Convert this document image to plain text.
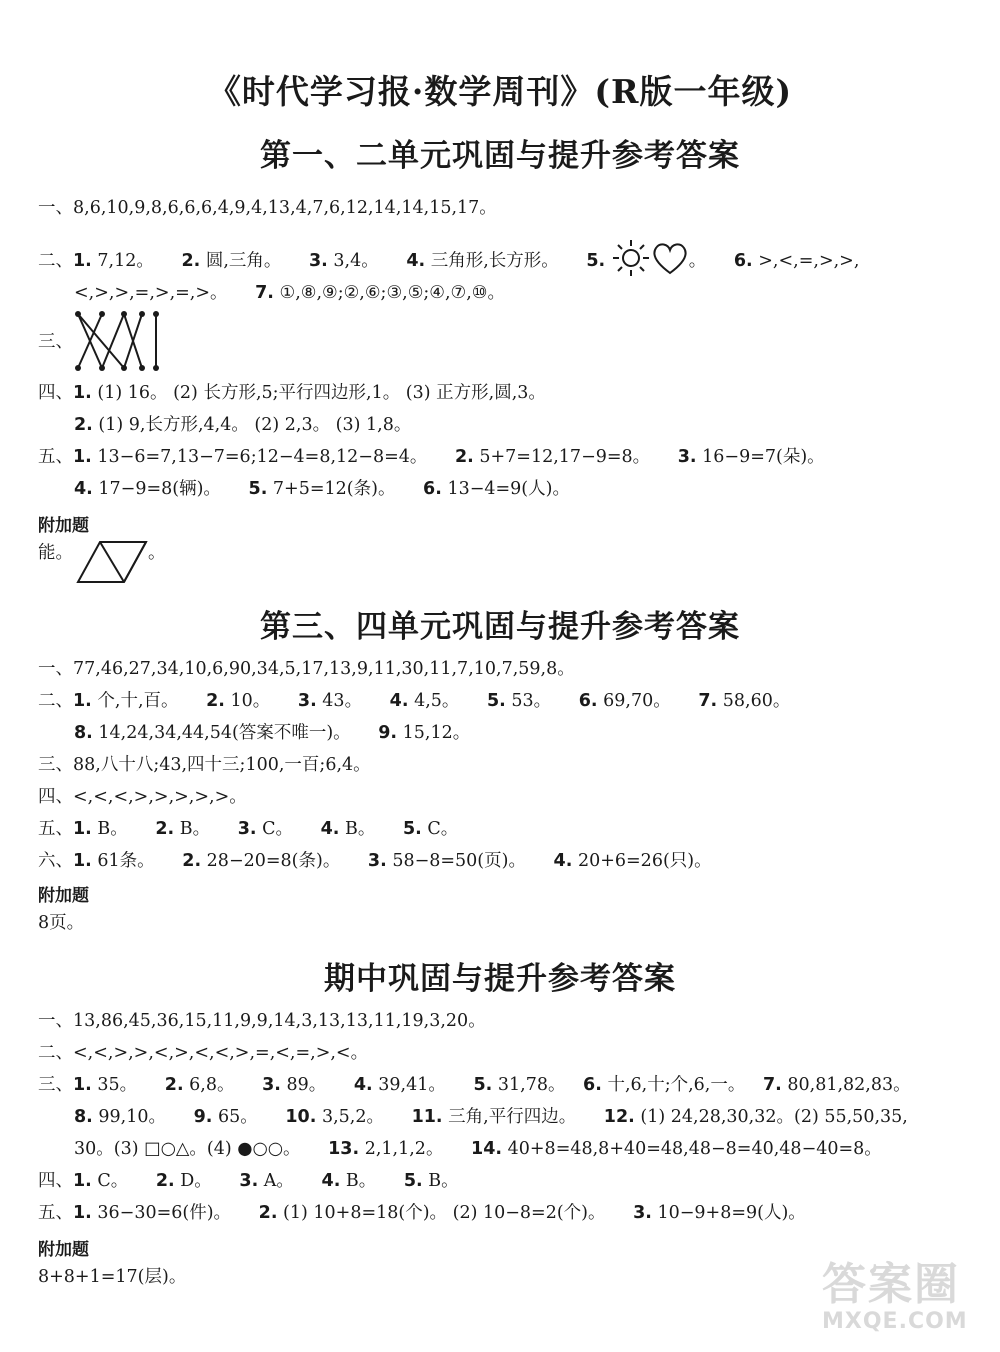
《时代学习报·数学周刊》(R版一年级)
第一、二单元巩固与提升参考答案
一、8,6,10,9,8,6,6,6,4,9,4,13,4,7,6,12,14,14,15,17。
二、1. 7,12。 2. 圆,三角。 3. 3,4。 4. 三角形,长方形。 5.	。 6. >,<,=,>,>,
<,>,>,=,>,=,>。 7. ①,⑧,⑨;②,⑥;③,⑤;④,⑦,⑩。
三、
四、1. (1) 16。 (2) 长方形,5;平行四边形,1。 (3) 正方形,圆,3。
2. (1) 9,长方形,4,4。 (2) 2,3。 (3) 1,8。
五、1. 13−6=7,13−7=6;12−4=8,12−8=4。 2. 5+7=12,17−9=8。 3. 16−9=7(朵)。
4. 17−9=8(辆)。 5. 7+5=12(条)。 6. 13−4=9(人)。
附加题
能。	。
第三、四单元巩固与提升参考答案
一、77,46,27,34,10,6,90,34,5,17,13,9,11,30,11,7,10,7,59,8。
二、1. 个,十,百。 2. 10。 3. 43。 4. 4,5。 5. 53。 6. 69,70。 7. 58,60。
8. 14,24,34,44,54(答案不唯一)。 9. 15,12。
三、88,八十八;43,四十三;100,一百;6,4。
四、<,<,<,>,>,>,>,>。
五、1. B。 2. B。 3. C。 4. B。 5. C。
六、1. 61条。 2. 28−20=8(条)。 3. 58−8=50(页)。 4. 20+6=26(只)。
附加题
8页。
期中巩固与提升参考答案
一、13,86,45,36,15,11,9,9,14,3,13,13,11,19,3,20。
二、<,<,>,>,<,>,<,<,>,=,<,=,>,<。
三、1. 35。 2. 6,8。 3. 89。 4. 39,41。 5. 31,78。 6. 十,6,十;个,6,一。 7. 80,81,82,83。
8. 99,10。 9. 65。 10. 3,5,2。 11. 三角,平行四边。 12. (1) 24,28,30,32。(2) 55,50,35,
30。(3) □○△。(4) ●○○。 13. 2,1,1,2。 14. 40+8=48,8+40=48,48−8=40,48−40=8。
四、1. C。 2. D。 3. A。 4. B。 5. B。
五、1. 36−30=6(件)。 2. (1) 10+8=18(个)。 (2) 10−8=2(个)。 3. 10−9+8=9(人)。
附加题
8+8+1=17(层)。	答案圈
MXQE.COM
